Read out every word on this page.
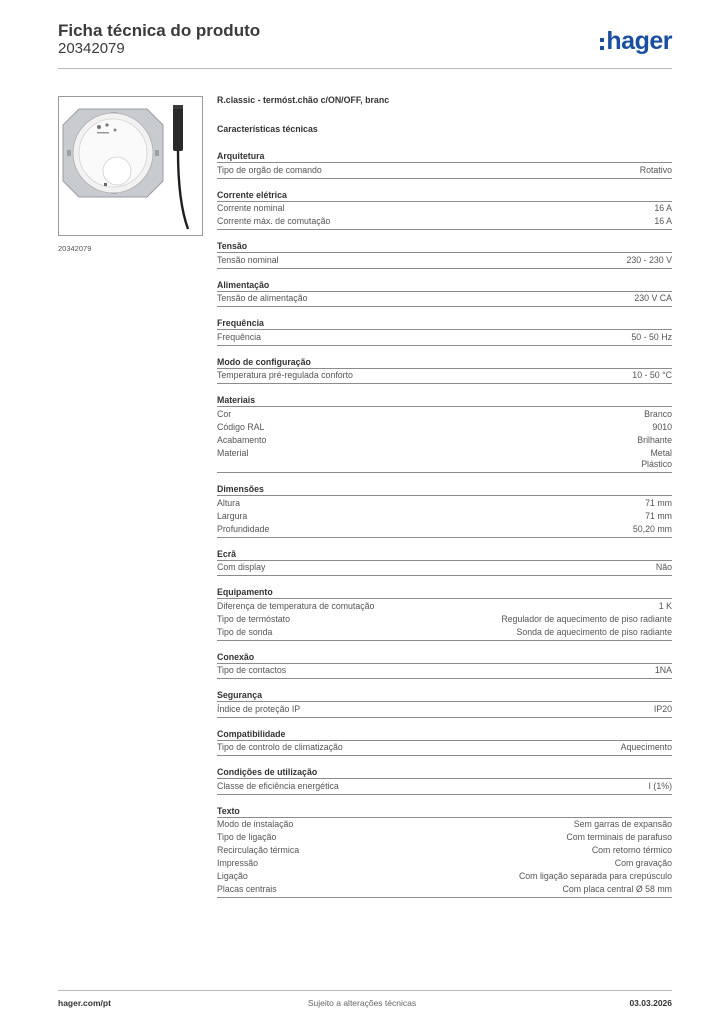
Ficha técnica do produto
20342079	hager
20342079
R.classic - termóst.chão c/ON/OFF, branc
Características técnicas
Arquitetura
Tipo de orgão de comando	Rotativo
Corrente elétrica
Corrente nominal	16 A
Corrente máx. de comutação	16 A
Tensão
Tensão nominal	230 - 230 V
Alimentação
Tensão de alimentação	230 V CA
Frequência
Frequência	50 - 50 Hz
Modo de configuração
Temperatura pré-regulada conforto	10 - 50 °C
Materiais
Cor	Branco
Código RAL	9010
Acabamento	Brilhante
Material	Metal
Plástico
Dimensões
Altura	71 mm
Largura	71 mm
Profundidade	50,20 mm
Ecrã
Com display	Não
Equipamento
Diferença de temperatura de comutação	1 K
Tipo de termóstato	Regulador de aquecimento de piso radiante
Tipo de sonda	Sonda de aquecimento de piso radiante
Conexão
Tipo de contactos	1NA
Segurança
Índice de proteção IP	IP20
Compatibilidade
Tipo de controlo de climatização	Aquecimento
Condições de utilização
Classe de eficiência energética	I (1%)
Texto
Modo de instalação	Sem garras de expansão
Tipo de ligação	Com terminais de parafuso
Recirculação térmica	Com retorno térmico
Impressão	Com gravação
Ligação	Com ligação separada para crepúsculo
Placas centrais	Com placa central Ø 58 mm
hager.com/pt	Sujeito a alterações técnicas	03.03.2026
